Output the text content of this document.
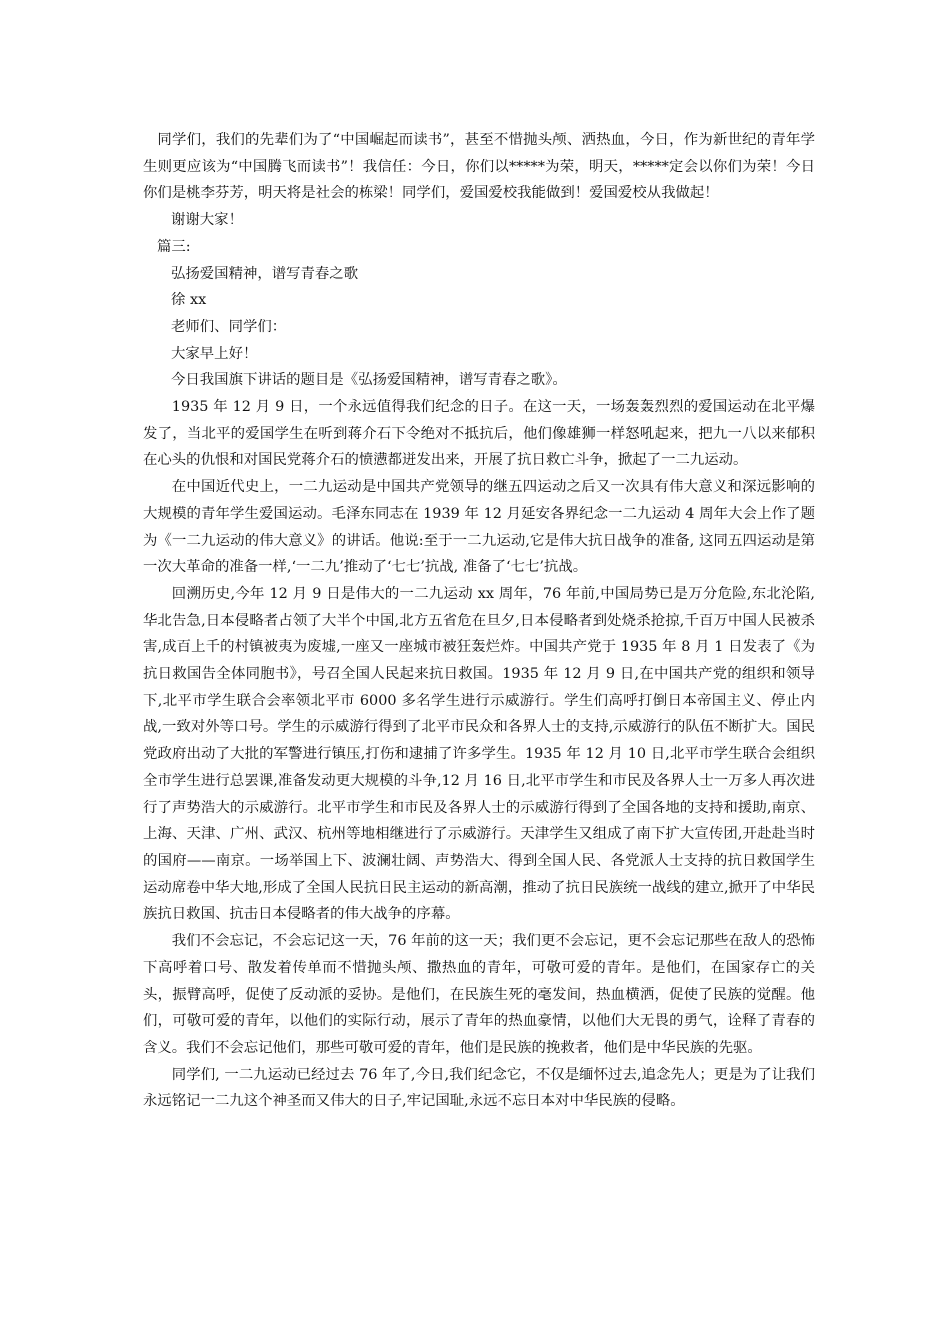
同学们，我们的先辈们为了“中国崛起而读书”，甚至不惜抛头颅、洒热血，今日，作为新世纪的青年学生则更应该为“中国腾飞而读书”！我信任：今日，你们以*****为荣，明天，*****定会以你们为荣！今日你们是桃李芬芳，明天将是社会的栋梁！同学们，爱国爱校我能做到！爱国爱校从我做起！

谢谢大家！

篇三:

弘扬爱国精神，谱写青春之歌

徐 xx

老师们、同学们：

大家早上好！

今日我国旗下讲话的题目是《弘扬爱国精神，谱写青春之歌》。

1935 年 12 月 9 日，一个永远值得我们纪念的日子。在这一天，一场轰轰烈烈的爱国运动在北平爆发了，当北平的爱国学生在听到蒋介石下令绝对不抵抗后，他们像雄狮一样怒吼起来，把九一八以来郁积在心头的仇恨和对国民党蒋介石的愤懑都迸发出来，开展了抗日救亡斗争，掀起了一二九运动。

在中国近代史上，一二九运动是中国共产党领导的继五四运动之后又一次具有伟大意义和深远影响的大规模的青年学生爱国运动。毛泽东同志在 1939 年 12 月延安各界纪念一二九运动 4 周年大会上作了题为《一二九运动的伟大意义》的讲话。他说:至于一二九运动,它是伟大抗日战争的准备, 这同五四运动是第一次大革命的准备一样,‘一二九’推动了‘七七’抗战, 准备了‘七七’抗战。

回溯历史,今年 12 月 9 日是伟大的一二九运动 xx 周年，76 年前,中国局势已是万分危险,东北沦陷,华北告急,日本侵略者占领了大半个中国,北方五省危在旦夕,日本侵略者到处烧杀抢掠,千百万中国人民被杀害,成百上千的村镇被夷为废墟,一座又一座城市被狂轰烂炸。中国共产党于 1935 年 8 月 1 日发表了《为抗日救国告全体同胞书》，号召全国人民起来抗日救国。1935 年 12 月 9 日,在中国共产党的组织和领导下,北平市学生联合会率领北平市 6000 多名学生进行示威游行。学生们高呼打倒日本帝国主义、停止内战,一致对外等口号。学生的示威游行得到了北平市民众和各界人士的支持,示威游行的队伍不断扩大。国民党政府出动了大批的军警进行镇压,打伤和逮捕了许多学生。1935 年 12 月 10 日,北平市学生联合会组织全市学生进行总罢课,准备发动更大规模的斗争,12 月 16 日,北平市学生和市民及各界人士一万多人再次进行了声势浩大的示威游行。北平市学生和市民及各界人士的示威游行得到了全国各地的支持和援助,南京、上海、天津、广州、武汉、杭州等地相继进行了示威游行。天津学生又组成了南下扩大宣传团,开赴赴当时的国府——南京。一场举国上下、波澜壮阔、声势浩大、得到全国人民、各党派人士支持的抗日救国学生运动席卷中华大地,形成了全国人民抗日民主运动的新高潮，推动了抗日民族统一战线的建立,掀开了中华民族抗日救国、抗击日本侵略者的伟大战争的序幕。

我们不会忘记，不会忘记这一天，76 年前的这一天；我们更不会忘记，更不会忘记那些在敌人的恐怖下高呼着口号、散发着传单而不惜抛头颅、撒热血的青年，可敬可爱的青年。是他们，在国家存亡的关头，振臂高呼，促使了反动派的妥协。是他们，在民族生死的毫发间，热血横洒，促使了民族的觉醒。他们，可敬可爱的青年，以他们的实际行动，展示了青年的热血豪情，以他们大无畏的勇气，诠释了青春的含义。我们不会忘记他们，那些可敬可爱的青年，他们是民族的挽救者，他们是中华民族的先驱。

同学们, 一二九运动已经过去 76 年了,今日,我们纪念它，不仅是缅怀过去,追念先人；更是为了让我们永远铭记一二九这个神圣而又伟大的日子,牢记国耻,永远不忘日本对中华民族的侵略。
